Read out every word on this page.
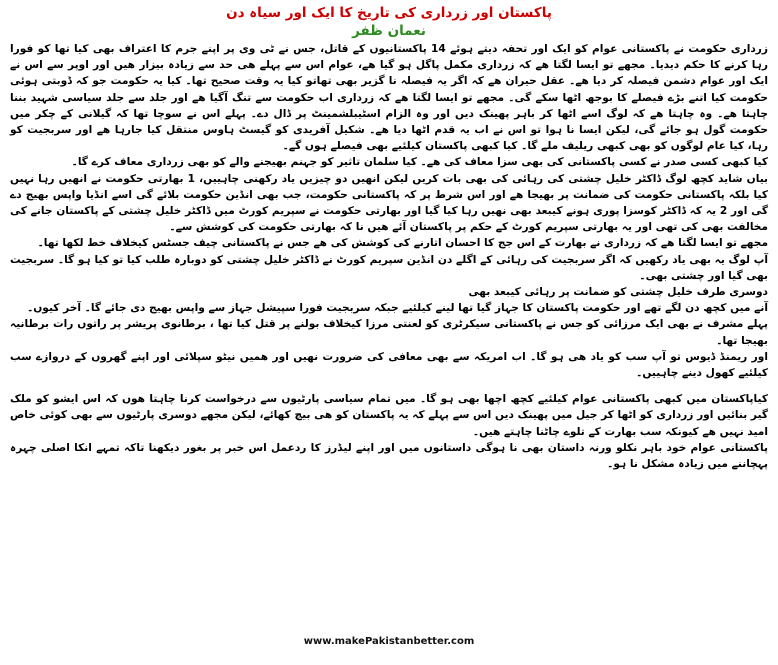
پاکستان اور زرداری کی تاریخ کا ایک اور سیاہ دن
نعمان ظفر

زرداری حکومت نے پاکستانی عوام کو ایک اور تحفہ دیتے ہوئے 14 پاکستانیوں کے قاتل، جس نے ٹی وی پر اپنے جرم کا اعتراف بھی کیا تھا کو فورا رہا کرنے کا حکم دیدیا۔ مجھے تو ایسا لگتا ھے کہ زرداری مکمل پاگل ہو گیا ھے، عوام اس سے پہلے ھی حد سے زیادہ بیزار ھیں اور اوپر سے اس نے ایک اور عوام دشمن فیصلہ کر دیا ھے۔ عقل حیران ھے کہ اگر یہ فیصلہ نا گزیر بھی تھاتو کیا یہ وقت صحیح تھا۔ کیا یہ حکومت جو کہ ڈوبتی ہوئی حکومت کیا اتنے بڑے فیصلے کا بوجھ اٹھا سکے گی۔ مجھے تو ایسا لگتا ھے کہ زرداری اب حکومت سے تنگ آگیا ھے اور جلد سے جلد سیاسی شہید بننا چاہتا ھے۔ وہ چاہتا ھے کہ لوگ اسے اٹھا کر باہر پھینک دیں اور وہ الزام اسٹیبلشمینٹ پر ڈال دے۔ پہلے اس نے سوچا تھا کہ گیلانی کے چکر میں حکومت گول ہو جائے گی، لیکن ایسا نا ہوا تو اس نے اب یہ قدم اٹھا دیا ھے۔ شکیل آفریدی کو گیسٹ ہاوس منتقل کیا جارہا ھے اور سربجیت کو رہا، کیا عام لوگوں کو بھی کبھی ریلیف ملے گا۔ کیا کبھی پاکستان کیلئیے بھی فیصلے ہوں گے۔

کیا کبھی کسی صدر نے کسی پاکستانی کی بھی سزا معاف کی ھے۔ کیا سلمان تاثیر کو جہنم بھیجنے والے کو بھی زرداری معاف کرے گا۔

بیاں شاید کچھ لوگ ڈاکٹر خلیل چشتی کی رہائی کی بھی بات کریں لیکن انھیں دو چیزیں یاد رکھنی چاہییں، 1 بھارتی حکومت نے انھیں رہا نہیں کیا بلکہ پاکستانی حکومت کی ضمانت پر بھیجا ھے اور اس شرط پر کہ پاکستانی حکومت، جب بھی انڈین حکومت بلائے گی اسے انڈیا واپس بھیج دے گی اور 2 یہ کہ ڈاکٹر کوسزا پوری ہونے کیبعد بھی نھیں رہا کیا گیا اور بھارتی حکومت نے سپریم کورٹ میں ڈاکٹر خلیل چشتی کے پاکستان جانے کی مخالفت بھی کی تھی اور یہ بھارتی سپریم کورٹ کے حکم پر پاکستان آئے ھیں نا کہ بھارتی حکومت کی کوشش سے۔

مجھے تو ایسا لگتا ھے کہ زرداری نے بھارت کے اس جج کا احسان اتارنے کی کوشش کی ھے جس نے پاکستانی چیف جسٹس کیخلاف خط لکھا تھا۔

آپ لوگ یہ بھی یاد رکھیں کہ اگر سربجیت کی رہائی کے اگلے دن انڈین سپریم کورٹ نے ڈاکٹر خلیل چشتی کو دوبارہ طلب کیا تو کیا ہو گا۔ سربجیت بھی گیا اور چشتی بھی۔

دوسری طرف خلیل چشتی کو ضمانت پر رہائی کیبعد بھی

آنے میں کچھ دن لگے تھے اور حکومت پاکستان کا جہاز گیا تھا لینے کیلئیے جبکہ سربجیت فورا سپیشل جہاز سے واپس بھیج دی جائے گا۔ آخر کیوں۔

پہلے مشرف نے بھی ایک مرزائی کو جس نے پاکستانی سیکرٹری کو لعنتی مرزا کیخلاف بولنے پر قتل کیا تھا ، برطانوی پریشر پر راتوں رات برطانیہ بھیجا تھا۔

اور ریمنڈ ڈیوس تو آپ سب کو یاد ھی ہو گا۔ اب امریکہ سے بھی معافی کی ضرورت نھیں اور ھمیں نیٹو سپلائی اور اپنے گھروں کے دروازے سب کیلئیے کھول دینے چاہییں۔

کیاپاکستان میں کبھی پاکستانی عوام کیلئیے کچھ اچھا بھی ہو گا۔ میں تمام سیاسی پارٹیوں سے درخواست کرنا چاہتا ھوں کہ اس ایشو کو ملک گیر بنائیں اور زرداری کو اٹھا کر جیل میں پھینک دیں اس سے پہلے کہ یہ پاکستان کو ھی بیچ کھائے، لیکن مجھے دوسری پارٹیوں سے بھی کوئی خاص امید نہیں ھے کیونکہ سب بھارت کے تلوے چاٹنا چاہتے ھیں۔

پاکستانی عوام خود باہر نکلو ورنہ داستان بھی نا ہوگی داستانوں میں اور اپنے لیڈرز کا ردعمل اس خبر پر بغور دیکھنا تاکہ تمہے انکا اصلی چہرہ پہچاننے میں زیادہ مشکل نا ہو۔

www.makePakistanbetter.com
